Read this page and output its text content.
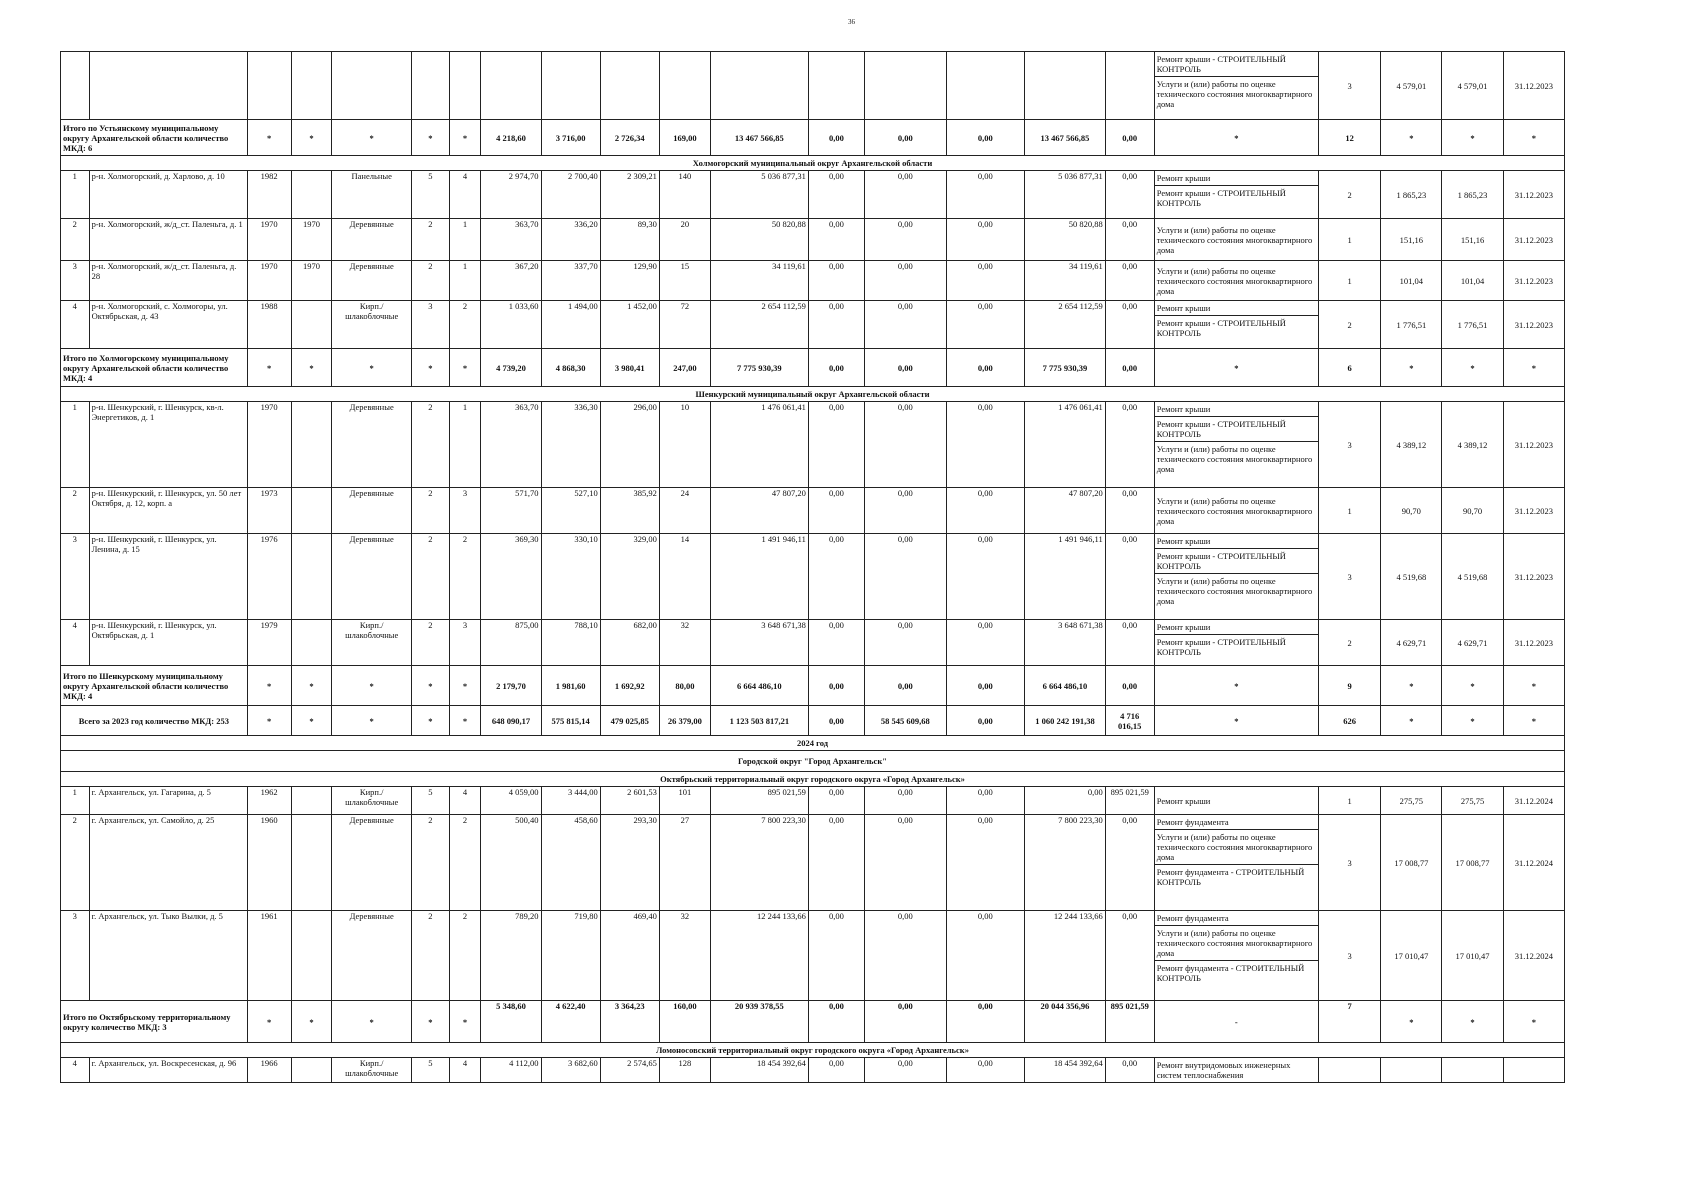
36

																	Ремонт крыши - СТРОИТЕЛЬНЫЙ КОНТРОЛЬ
Услуги и (или) работы по оценке технического состояния многоквартирного дома	3	4 579,01	4 579,01	31.12.2023
Итого по Устьянскому муниципальному округу Архангельской области количество МКД: 6		*	*	*	*	*	4 218,60	3 716,00	2 726,34	169,00	13 467 566,85	0,00	0,00	0,00	13 467 566,85	0,00	*	12	*	*	*
Холмогорский муниципальный округ Архангельской области																					
1	р-н. Холмогорский, д. Харлово, д. 10	1982		Панельные	5	4	2 974,70	2 700,40	2 309,21	140	5 036 877,31	0,00	0,00	0,00	5 036 877,31	0,00	Ремонт крыши
Ремонт крыши - СТРОИТЕЛЬНЫЙ КОНТРОЛЬ	2	1 865,23	1 865,23	31.12.2023
2	р-н. Холмогорский, ж/д_ст. Паленьга, д. 1	1970	1970	Деревянные	2	1	363,70	336,20	89,30	20	50 820,88	0,00	0,00	0,00	50 820,88	0,00	Услуги и (или) работы по оценке технического состояния многоквартирного дома	1	151,16	151,16	31.12.2023
3	р-н. Холмогорский, ж/д_ст. Паленьга, д. 28	1970	1970	Деревянные	2	1	367,20	337,70	129,90	15	34 119,61	0,00	0,00	0,00	34 119,61	0,00	Услуги и (или) работы по оценке технического состояния многоквартирного дома	1	101,04	101,04	31.12.2023
4	р-н. Холмогорский, с. Холмогоры, ул. Октябрьская, д. 43	1988		Кирп./ шлакоблочные	3	2	1 033,60	1 494,00	1 452,00	72	2 654 112,59	0,00	0,00	0,00	2 654 112,59	0,00	Ремонт крыши
Ремонт крыши - СТРОИТЕЛЬНЫЙ КОНТРОЛЬ	2	1 776,51	1 776,51	31.12.2023
Итого по Холмогорскому муниципальному округу Архангельской области количество МКД: 4		*	*	*	*	*	4 739,20	4 868,30	3 980,41	247,00	7 775 930,39	0,00	0,00	0,00	7 775 930,39	0,00	*	6	*	*	*
Шенкурский муниципальный округ Архангельской области																					
1	р-н. Шенкурский, г. Шенкурск, кв-л. Энергетиков, д. 1	1970		Деревянные	2	1	363,70	336,30	296,00	10	1 476 061,41	0,00	0,00	0,00	1 476 061,41	0,00	Ремонт крыши
Ремонт крыши - СТРОИТЕЛЬНЫЙ КОНТРОЛЬ
Услуги и (или) работы по оценке технического состояния многоквартирного дома	3	4 389,12	4 389,12	31.12.2023
2	р-н. Шенкурский, г. Шенкурск, ул. 50 лет Октября, д. 12, корп. а	1973		Деревянные	2	3	571,70	527,10	385,92	24	47 807,20	0,00	0,00	0,00	47 807,20	0,00	Услуги и (или) работы по оценке технического состояния многоквартирного дома	1	90,70	90,70	31.12.2023
3	р-н. Шенкурский, г. Шенкурск, ул. Ленина, д. 15	1976		Деревянные	2	2	369,30	330,10	329,00	14	1 491 946,11	0,00	0,00	0,00	1 491 946,11	0,00	Ремонт крыши
Ремонт крыши - СТРОИТЕЛЬНЫЙ КОНТРОЛЬ
Услуги и (или) работы по оценке технического состояния многоквартирного дома	3	4 519,68	4 519,68	31.12.2023
4	р-н. Шенкурский, г. Шенкурск, ул. Октябрьская, д. 1	1979		Кирп./ шлакоблочные	2	3	875,00	788,10	682,00	32	3 648 671,38	0,00	0,00	0,00	3 648 671,38	0,00	Ремонт крыши
Ремонт крыши - СТРОИТЕЛЬНЫЙ КОНТРОЛЬ	2	4 629,71	4 629,71	31.12.2023
Итого по Шенкурскому муниципальному округу Архангельской области количество МКД: 4		*	*	*	*	*	2 179,70	1 981,60	1 692,92	80,00	6 664 486,10	0,00	0,00	0,00	6 664 486,10	0,00	*	9	*	*	*
Всего за 2023 год количество МКД: 253		*	*	*	*	*	648 090,17	575 815,14	479 025,85	26 379,00	1 123 503 817,21	0,00	58 545 609,68	0,00	1 060 242 191,38	4 716 016,15	*	626	*	*	*
2024 год																					
Городской округ "Город Архангельск"																					
Октябрьский территориальный округ городского округа «Город Архангельск»																					
1	г. Архангельск, ул. Гагарина, д. 5	1962		Кирп./ шлакоблочные	5	4	4 059,00	3 444,00	2 601,53	101	895 021,59	0,00	0,00	0,00	0,00	895 021,59	Ремонт крыши	1	275,75	275,75	31.12.2024
2	г. Архангельск, ул. Самойло, д. 25	1960		Деревянные	2	2	500,40	458,60	293,30	27	7 800 223,30	0,00	0,00	0,00	7 800 223,30	0,00	Ремонт фундамента
Услуги и (или) работы по оценке технического состояния многоквартирного дома
Ремонт фундамента - СТРОИТЕЛЬНЫЙ КОНТРОЛЬ	3	17 008,77	17 008,77	31.12.2024
3	г. Архангельск, ул. Тыко Вылки, д. 5	1961		Деревянные	2	2	789,20	719,80	469,40	32	12 244 133,66	0,00	0,00	0,00	12 244 133,66	0,00	Ремонт фундамента
Услуги и (или) работы по оценке технического состояния многоквартирного дома
Ремонт фундамента - СТРОИТЕЛЬНЫЙ КОНТРОЛЬ	3	17 010,47	17 010,47	31.12.2024
Итого по Октябрьскому территориальному округу количество МКД: 3		*	*	*	*	*	5 348,60	4 622,40	3 364,23	160,00	20 939 378,55	0,00	0,00	0,00	20 044 356,96	895 021,59	-	7	*	*	*
Ломоносовский территориальный округ городского округа «Город Архангельск»																					
4	г. Архангельск, ул. Воскресенская, д. 96	1966		Кирп./ шлакоблочные	5	4	4 112,00	3 682,60	2 574,65	128	18 454 392,64	0,00	0,00	0,00	18 454 392,64	0,00	Ремонт внутридомовых инженерных систем теплоснабжения				
